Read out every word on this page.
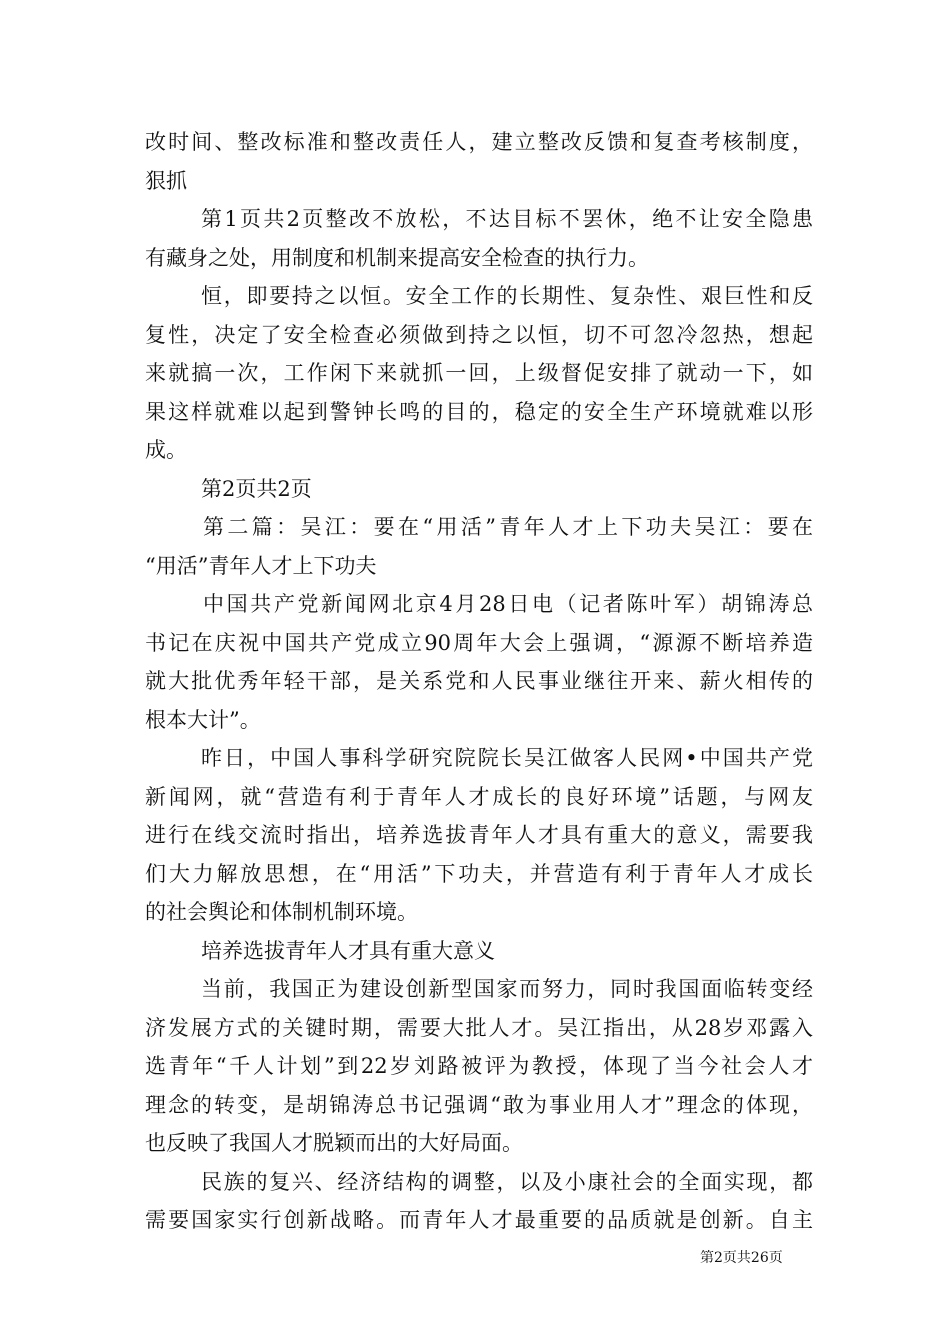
改时间、整改标准和整改责任人，建立整改反馈和复查考核制度，
狠抓
第1页共2页整改不放松，不达目标不罢休，绝不让安全隐患
有藏身之处，用制度和机制来提高安全检查的执行力。
恒，即要持之以恒。安全工作的长期性、复杂性、艰巨性和反
复性，决定了安全检查必须做到持之以恒，切不可忽冷忽热，想起
来就搞一次，工作闲下来就抓一回，上级督促安排了就动一下，如
果这样就难以起到警钟长鸣的目的，稳定的安全生产环境就难以形
成。
第2页共2页
第二篇：吴江：要在“用活”青年人才上下功夫吴江：要在
“用活”青年人才上下功夫
中国共产党新闻网北京4月28日电（记者陈叶军）胡锦涛总
书记在庆祝中国共产党成立90周年大会上强调，“源源不断培养造
就大批优秀年轻干部，是关系党和人民事业继往开来、薪火相传的
根本大计”。
昨日，中国人事科学研究院院长吴江做客人民网•中国共产党
新闻网，就“营造有利于青年人才成长的良好环境”话题，与网友
进行在线交流时指出，培养选拔青年人才具有重大的意义，需要我
们大力解放思想，在“用活”下功夫，并营造有利于青年人才成长
的社会舆论和体制机制环境。
培养选拔青年人才具有重大意义
当前，我国正为建设创新型国家而努力，同时我国面临转变经
济发展方式的关键时期，需要大批人才。吴江指出，从28岁邓露入
选青年“千人计划”到22岁刘路被评为教授，体现了当今社会人才
理念的转变，是胡锦涛总书记强调“敢为事业用人才”理念的体现，
也反映了我国人才脱颖而出的大好局面。
民族的复兴、经济结构的调整，以及小康社会的全面实现，都
需要国家实行创新战略。而青年人才最重要的品质就是创新。自主
第2页共26页
